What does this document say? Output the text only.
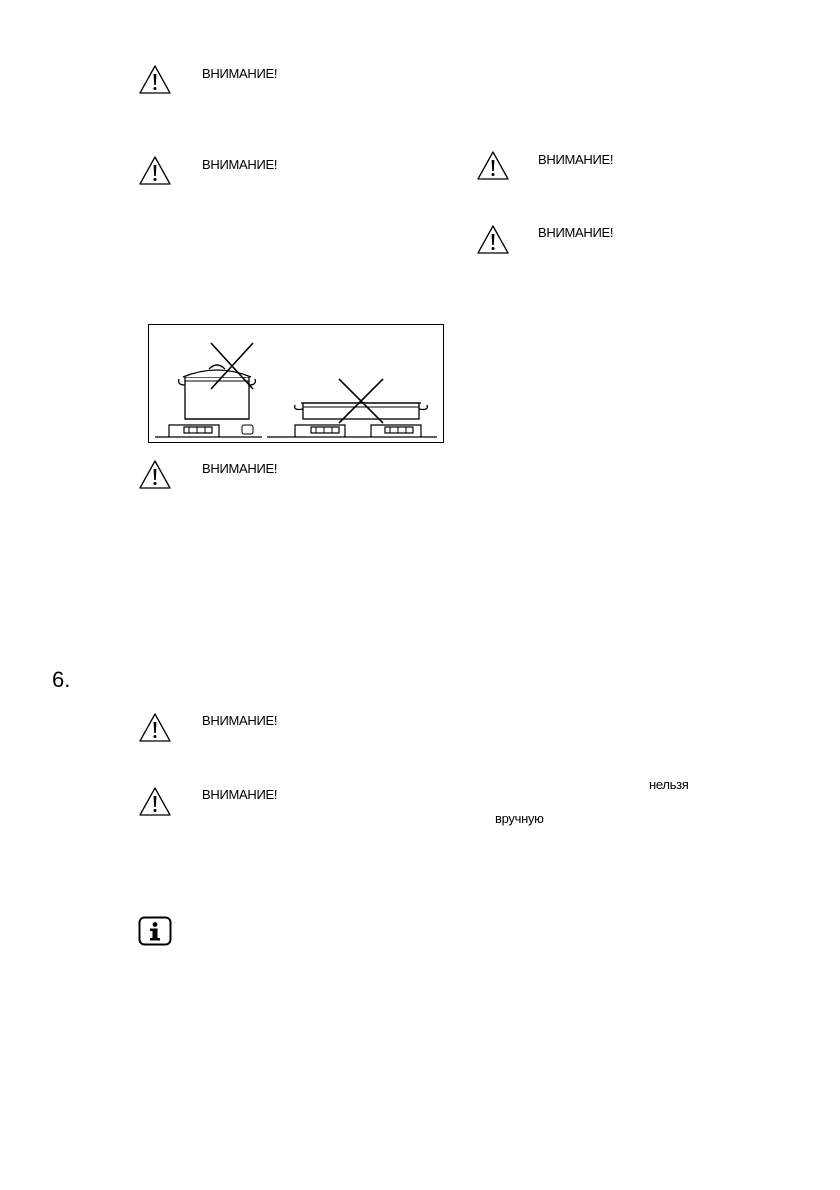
ВНИМАНИЕ!
ВНИМАНИЕ!	ВНИМАНИЕ!
ВНИМАНИЕ!
ВНИМАНИЕ!
6.
ВНИМАНИЕ!
нельзя
ВНИМАНИЕ!
вручную
